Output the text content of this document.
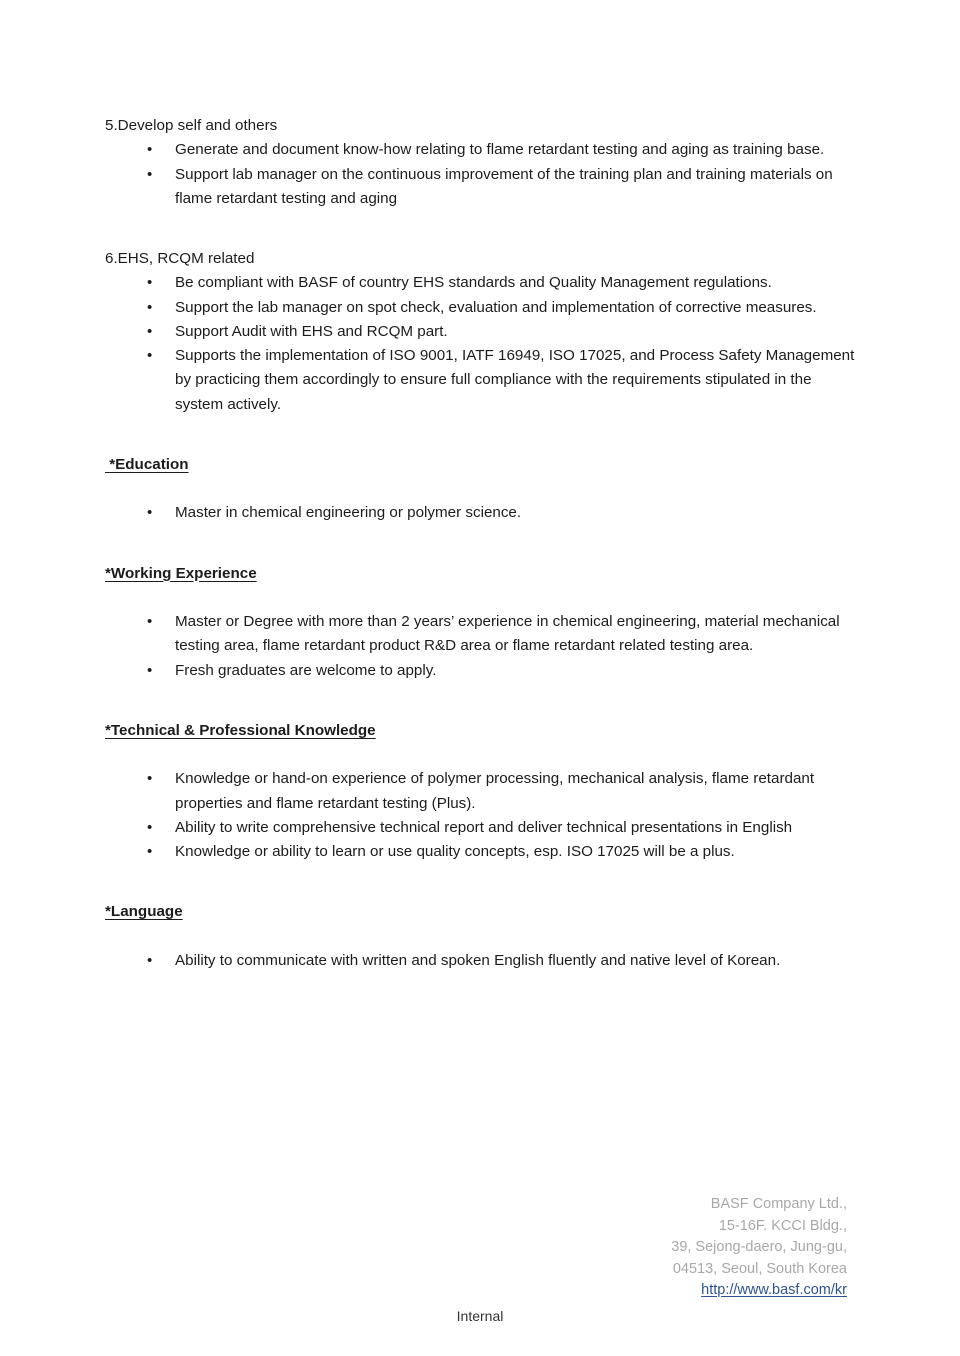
5.Develop self and others
• Generate and document know-how relating to flame retardant testing and aging as training base.
• Support lab manager on the continuous improvement of the training plan and training materials on flame retardant testing and aging
6.EHS, RCQM related
• Be compliant with BASF of country EHS standards and Quality Management regulations.
• Support the lab manager on spot check, evaluation and implementation of corrective measures.
• Support Audit with EHS and RCQM part.
• Supports the implementation of ISO 9001, IATF 16949, ISO 17025, and Process Safety Management by practicing them accordingly to ensure full compliance with the requirements stipulated in the system actively.
*Education
• Master in chemical engineering or polymer science.
*Working Experience
• Master or Degree with more than 2 years’ experience in chemical engineering, material mechanical testing area, flame retardant product R&D area or flame retardant related testing area.
• Fresh graduates are welcome to apply.
*Technical & Professional Knowledge
• Knowledge or hand-on experience of polymer processing, mechanical analysis, flame retardant properties and flame retardant testing (Plus).
• Ability to write comprehensive technical report and deliver technical presentations in English
• Knowledge or ability to learn or use quality concepts, esp. ISO 17025 will be a plus.
*Language
• Ability to communicate with written and spoken English fluently and native level of Korean.
BASF Company Ltd.,
15-16F. KCCI Bldg.,
39, Sejong-daero, Jung-gu,
04513, Seoul, South Korea
http://www.basf.com/kr
Internal
